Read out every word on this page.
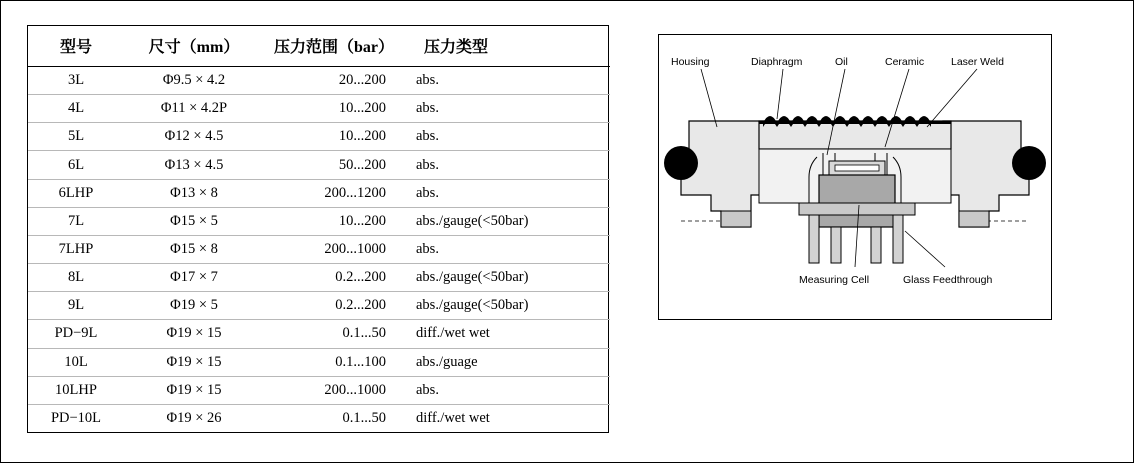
型号	尺寸（mm）	压力范围（bar）	压力类型
3L	Φ9.5 × 4.2	20...200	abs.
4L	Φ11 × 4.2P	10...200	abs.
5L	Φ12 × 4.5	10...200	abs.
6L	Φ13 × 4.5	50...200	abs.
6LHP	Φ13 × 8	200...1200	abs.
7L	Φ15 × 5	10...200	abs./gauge(<50bar)
7LHP	Φ15 × 8	200...1000	abs.
8L	Φ17 × 7	0.2...200	abs./gauge(<50bar)
9L	Φ19 × 5	0.2...200	abs./gauge(<50bar)
PD−9L	Φ19 × 15	0.1...50	diff./wet wet
10L	Φ19 × 15	0.1...100	abs./guage
10LHP	Φ19 × 15	200...1000	abs.
PD−10L	Φ19 × 26	0.1...50	diff./wet wet
Housing	Diaphragm	Oil	Ceramic	Laser Weld
Measuring Cell	Glass Feedthrough
